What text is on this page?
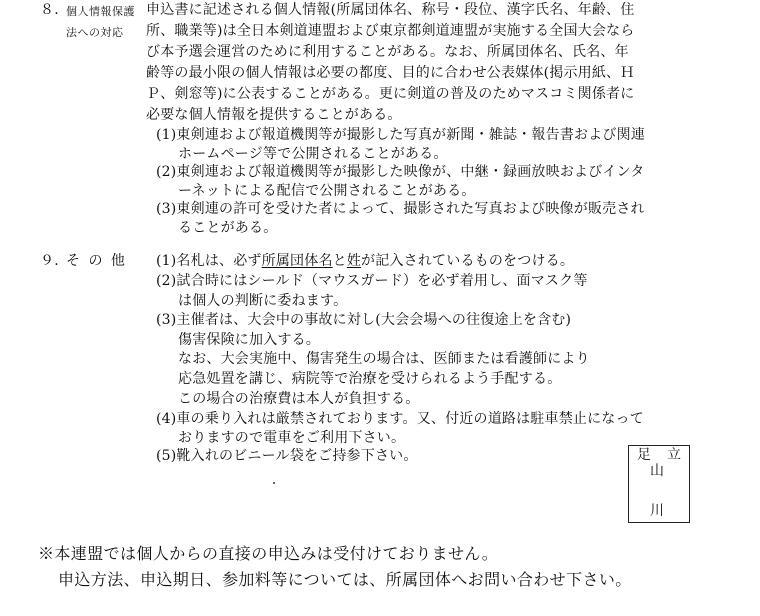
８. 個人情報保護
法への対応
申込書に記述される個人情報(所属団体名、称号・段位、漢字氏名、年齢、住
所、職業等)は全日本剣道連盟および東京都剣道連盟が実施する全国大会なら
び本予選会運営のために利用することがある。なお、所属団体名、氏名、年
齢等の最小限の個人情報は必要の都度、目的に合わせ公表媒体(掲示用紙、Ｈ
Ｐ、剣窓等)に公表することがある。更に剣道の普及のためマスコミ関係者に
必要な個人情報を提供することがある。
(1)東剣連および報道機関等が撮影した写真が新聞・雑誌・報告書および関連
ホームページ等で公開されることがある。
(2)東剣連および報道機関等が撮影した映像が、中継・録画放映およびインタ
ーネットによる配信で公開されることがある。
(3)東剣連の許可を受けた者によって、撮影された写真および映像が販売され
ることがある。
９. そ の 他 (1)名札は、必ず所属団体名と姓が記入されているものをつける。
(2)試合時にはシールド（マウスガード）を必ず着用し、面マスク等
は個人の判断に委ねます。
(3)主催者は、大会中の事故に対し(大会会場への往復途上を含む)
傷害保険に加入する。
なお、大会実施中、傷害発生の場合は、医師または看護師により
応急処置を講じ、病院等で治療を受けられるよう手配する。
この場合の治療費は本人が負担する。
(4)車の乗り入れは厳禁されております。又、付近の道路は駐車禁止になって
おりますので電車をご利用下さい。
(5)靴入れのビニール袋をご持参下さい。	足 立
山
川
※本連盟では個人からの直接の申込みは受付けておりません。
申込方法、申込期日、参加料等については、所属団体へお問い合わせ下さい。
